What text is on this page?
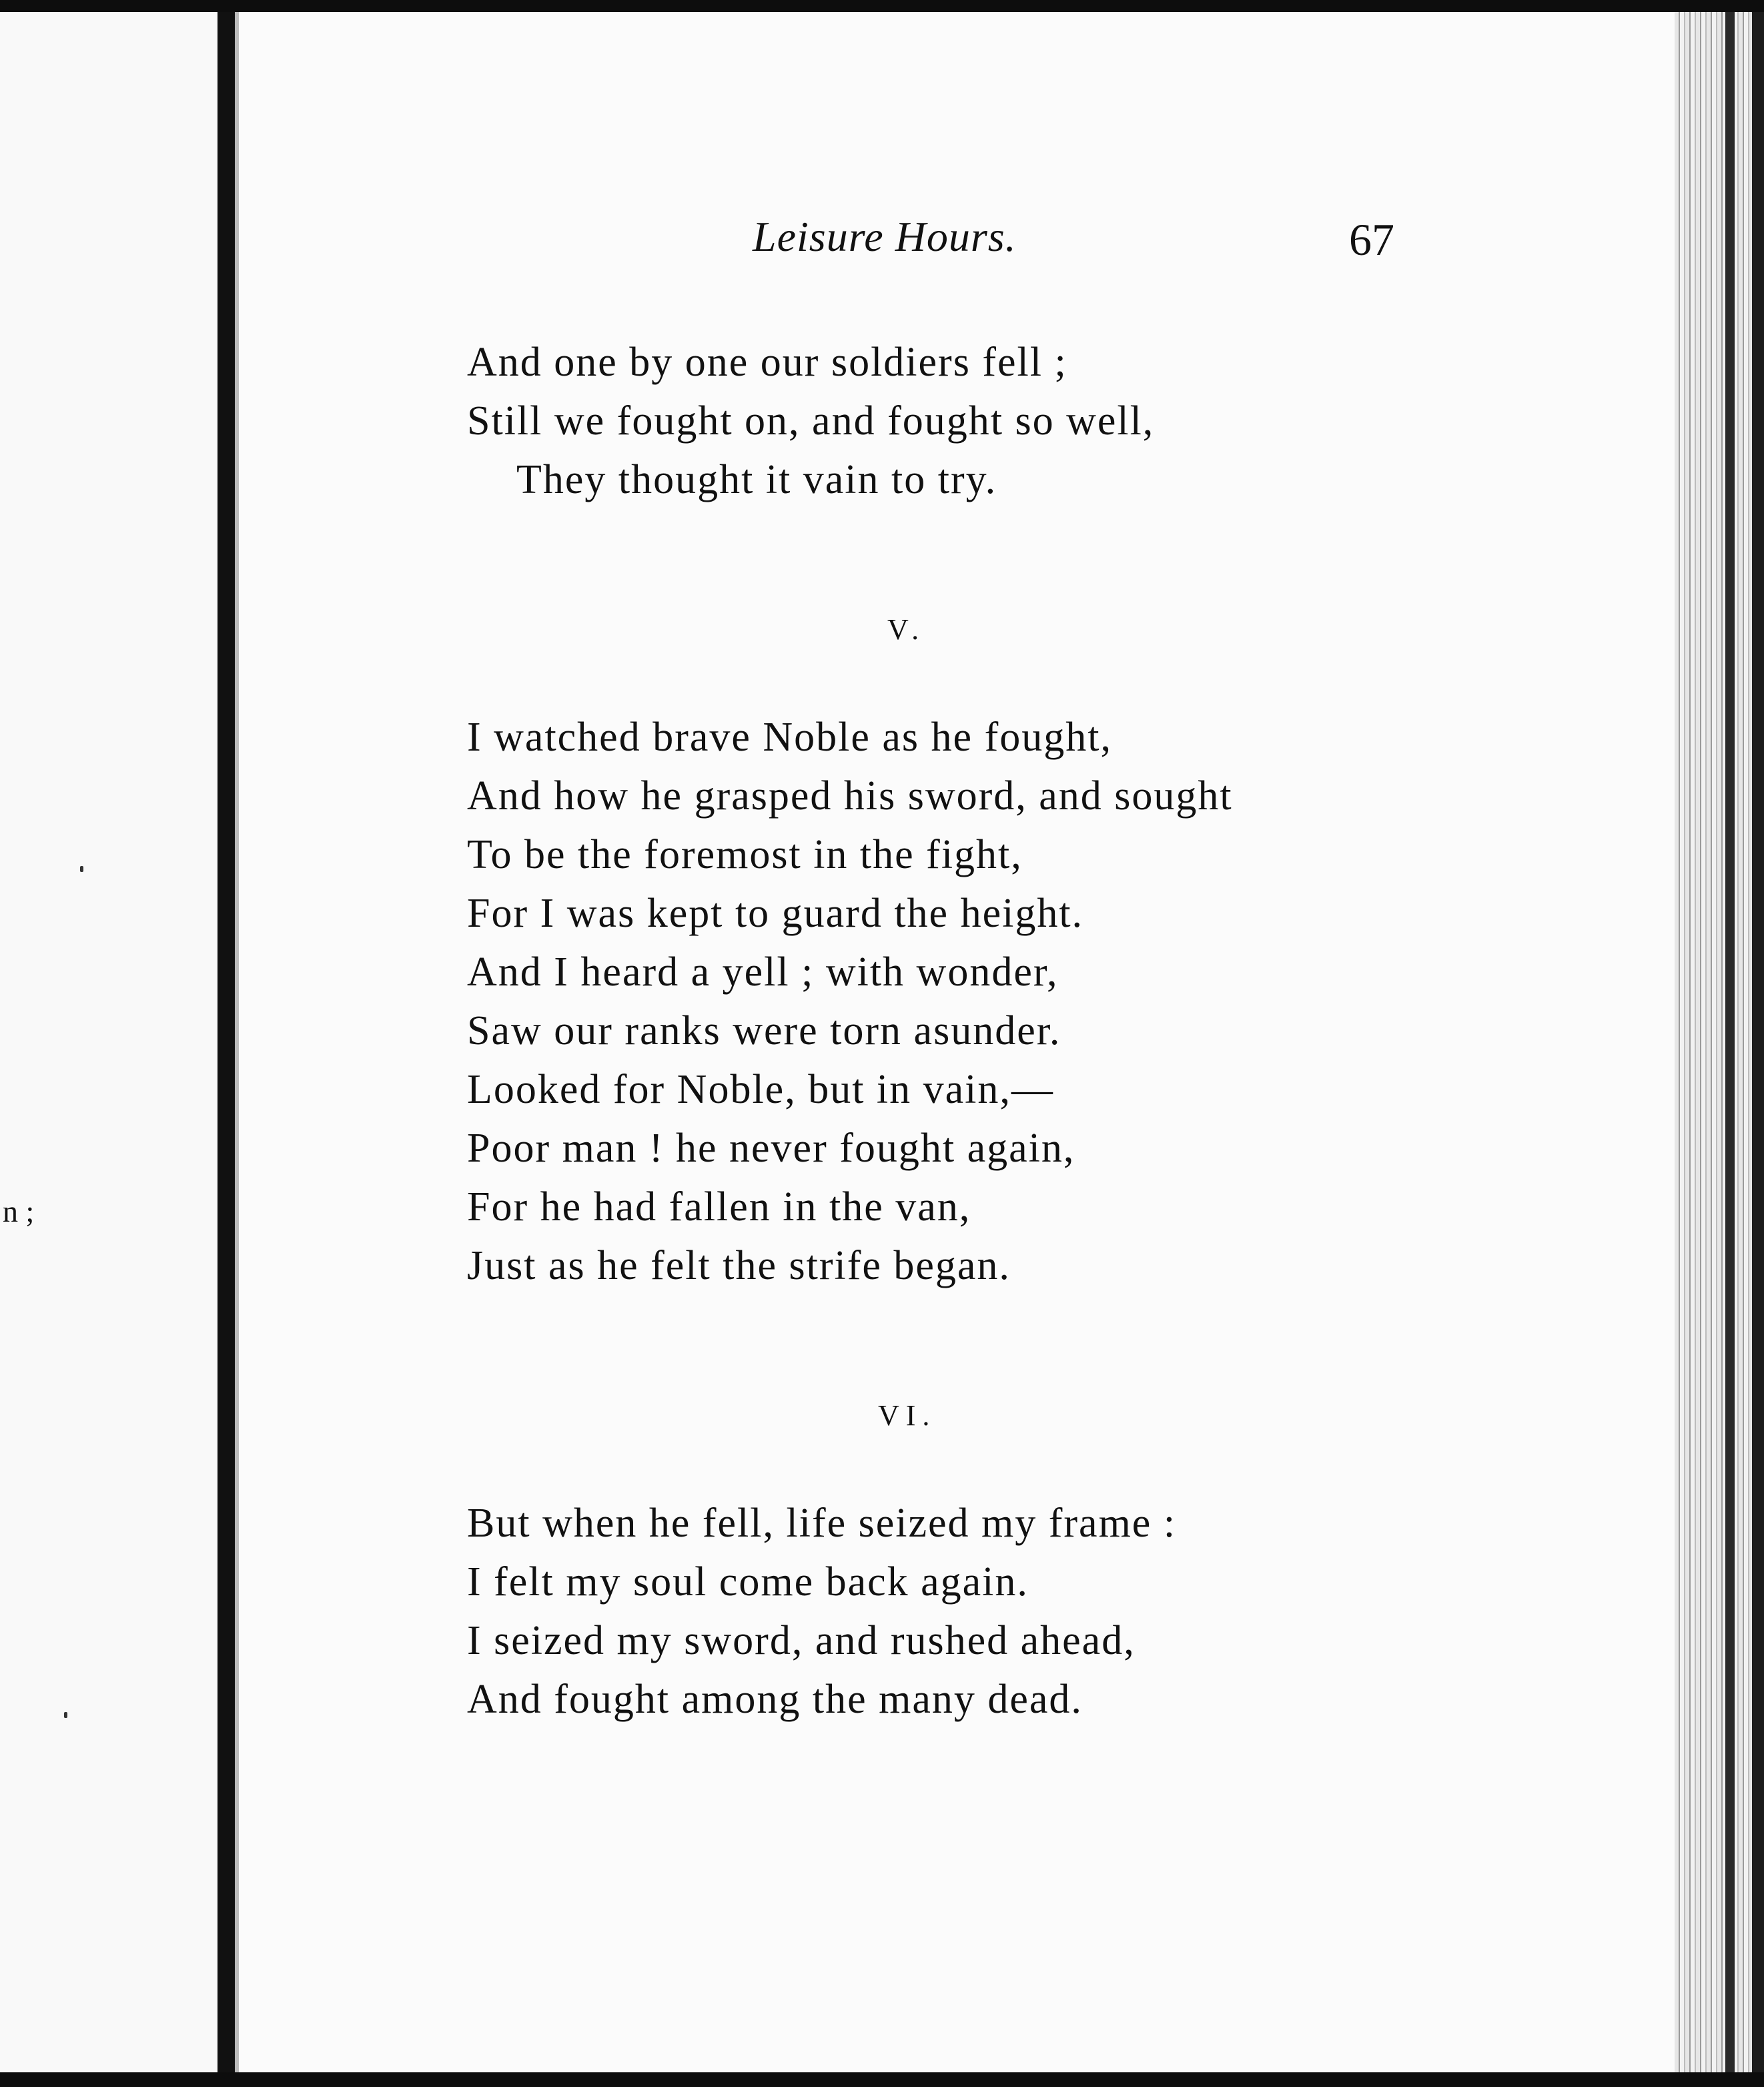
n ;
Leisure Hours.	67
And one by one our soldiers fell ;
Still we fought on, and fought so well,
They thought it vain to try.
V.
I watched brave Noble as he fought,
And how he grasped his sword, and sought
To be the foremost in the fight,
For I was kept to guard the height.
And I heard a yell ; with wonder,
Saw our ranks were torn asunder.
Looked for Noble, but in vain,—
Poor man ! he never fought again,
For he had fallen in the van,
Just as he felt the strife began.
VI.
But when he fell, life seized my frame :
I felt my soul come back again.
I seized my sword, and rushed ahead,
And fought among the many dead.
